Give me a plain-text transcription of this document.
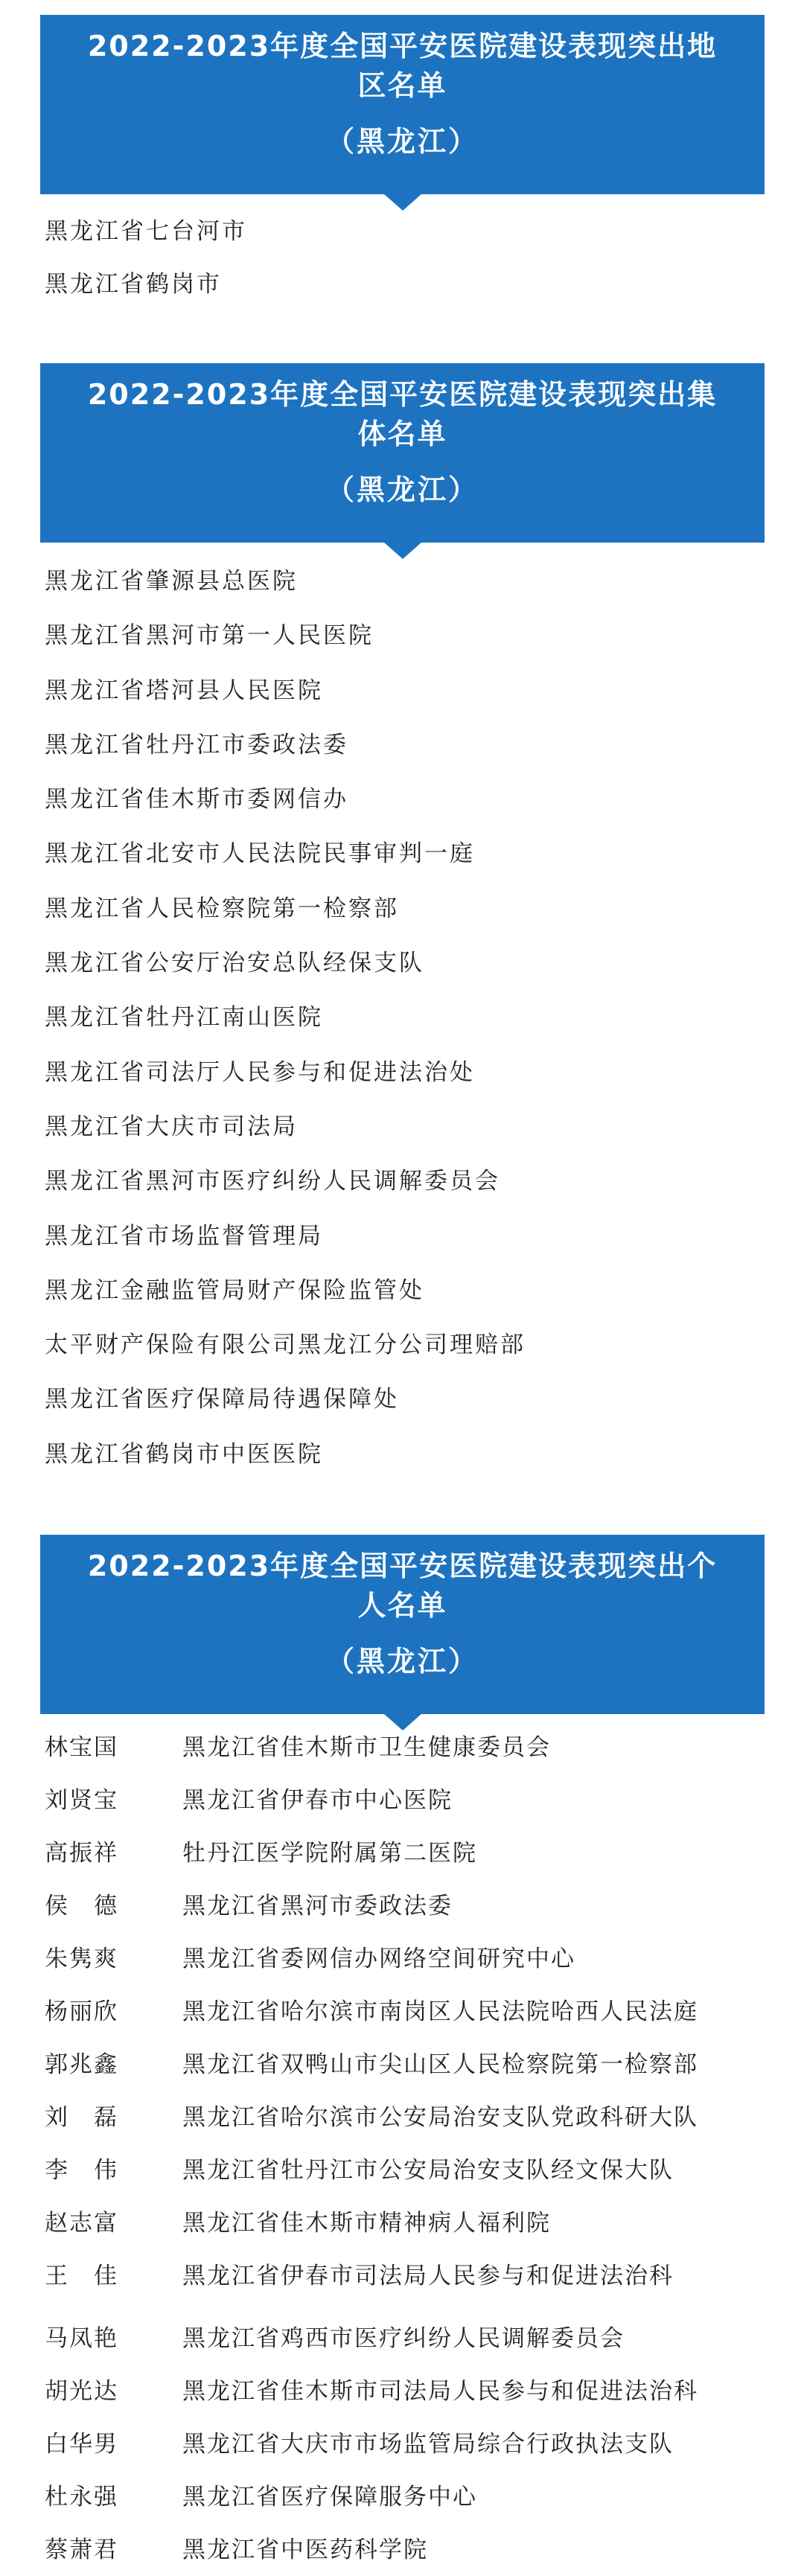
2022-2023年度全国平安医院建设表现突出地区名单
（黑龙江）
黑龙江省七台河市
黑龙江省鹤岗市
2022-2023年度全国平安医院建设表现突出集体名单
（黑龙江）
黑龙江省肇源县总医院
黑龙江省黑河市第一人民医院
黑龙江省塔河县人民医院
黑龙江省牡丹江市委政法委
黑龙江省佳木斯市委网信办
黑龙江省北安市人民法院民事审判一庭
黑龙江省人民检察院第一检察部
黑龙江省公安厅治安总队经保支队
黑龙江省牡丹江南山医院
黑龙江省司法厅人民参与和促进法治处
黑龙江省大庆市司法局
黑龙江省黑河市医疗纠纷人民调解委员会
黑龙江省市场监督管理局
黑龙江金融监管局财产保险监管处
太平财产保险有限公司黑龙江分公司理赔部
黑龙江省医疗保障局待遇保障处
黑龙江省鹤岗市中医医院
2022-2023年度全国平安医院建设表现突出个人名单
（黑龙江）
林宝国	黑龙江省佳木斯市卫生健康委员会
刘贤宝	黑龙江省伊春市中心医院
高振祥	牡丹江医学院附属第二医院
侯　德	黑龙江省黑河市委政法委
朱隽爽	黑龙江省委网信办网络空间研究中心
杨丽欣	黑龙江省哈尔滨市南岗区人民法院哈西人民法庭
郭兆鑫	黑龙江省双鸭山市尖山区人民检察院第一检察部
刘　磊	黑龙江省哈尔滨市公安局治安支队党政科研大队
李　伟	黑龙江省牡丹江市公安局治安支队经文保大队
赵志富	黑龙江省佳木斯市精神病人福利院
王　佳	黑龙江省伊春市司法局人民参与和促进法治科
马凤艳	黑龙江省鸡西市医疗纠纷人民调解委员会
胡光达	黑龙江省佳木斯市司法局人民参与和促进法治科
白华男	黑龙江省大庆市市场监管局综合行政执法支队
杜永强	黑龙江省医疗保障服务中心
蔡萧君	黑龙江省中医药科学院
